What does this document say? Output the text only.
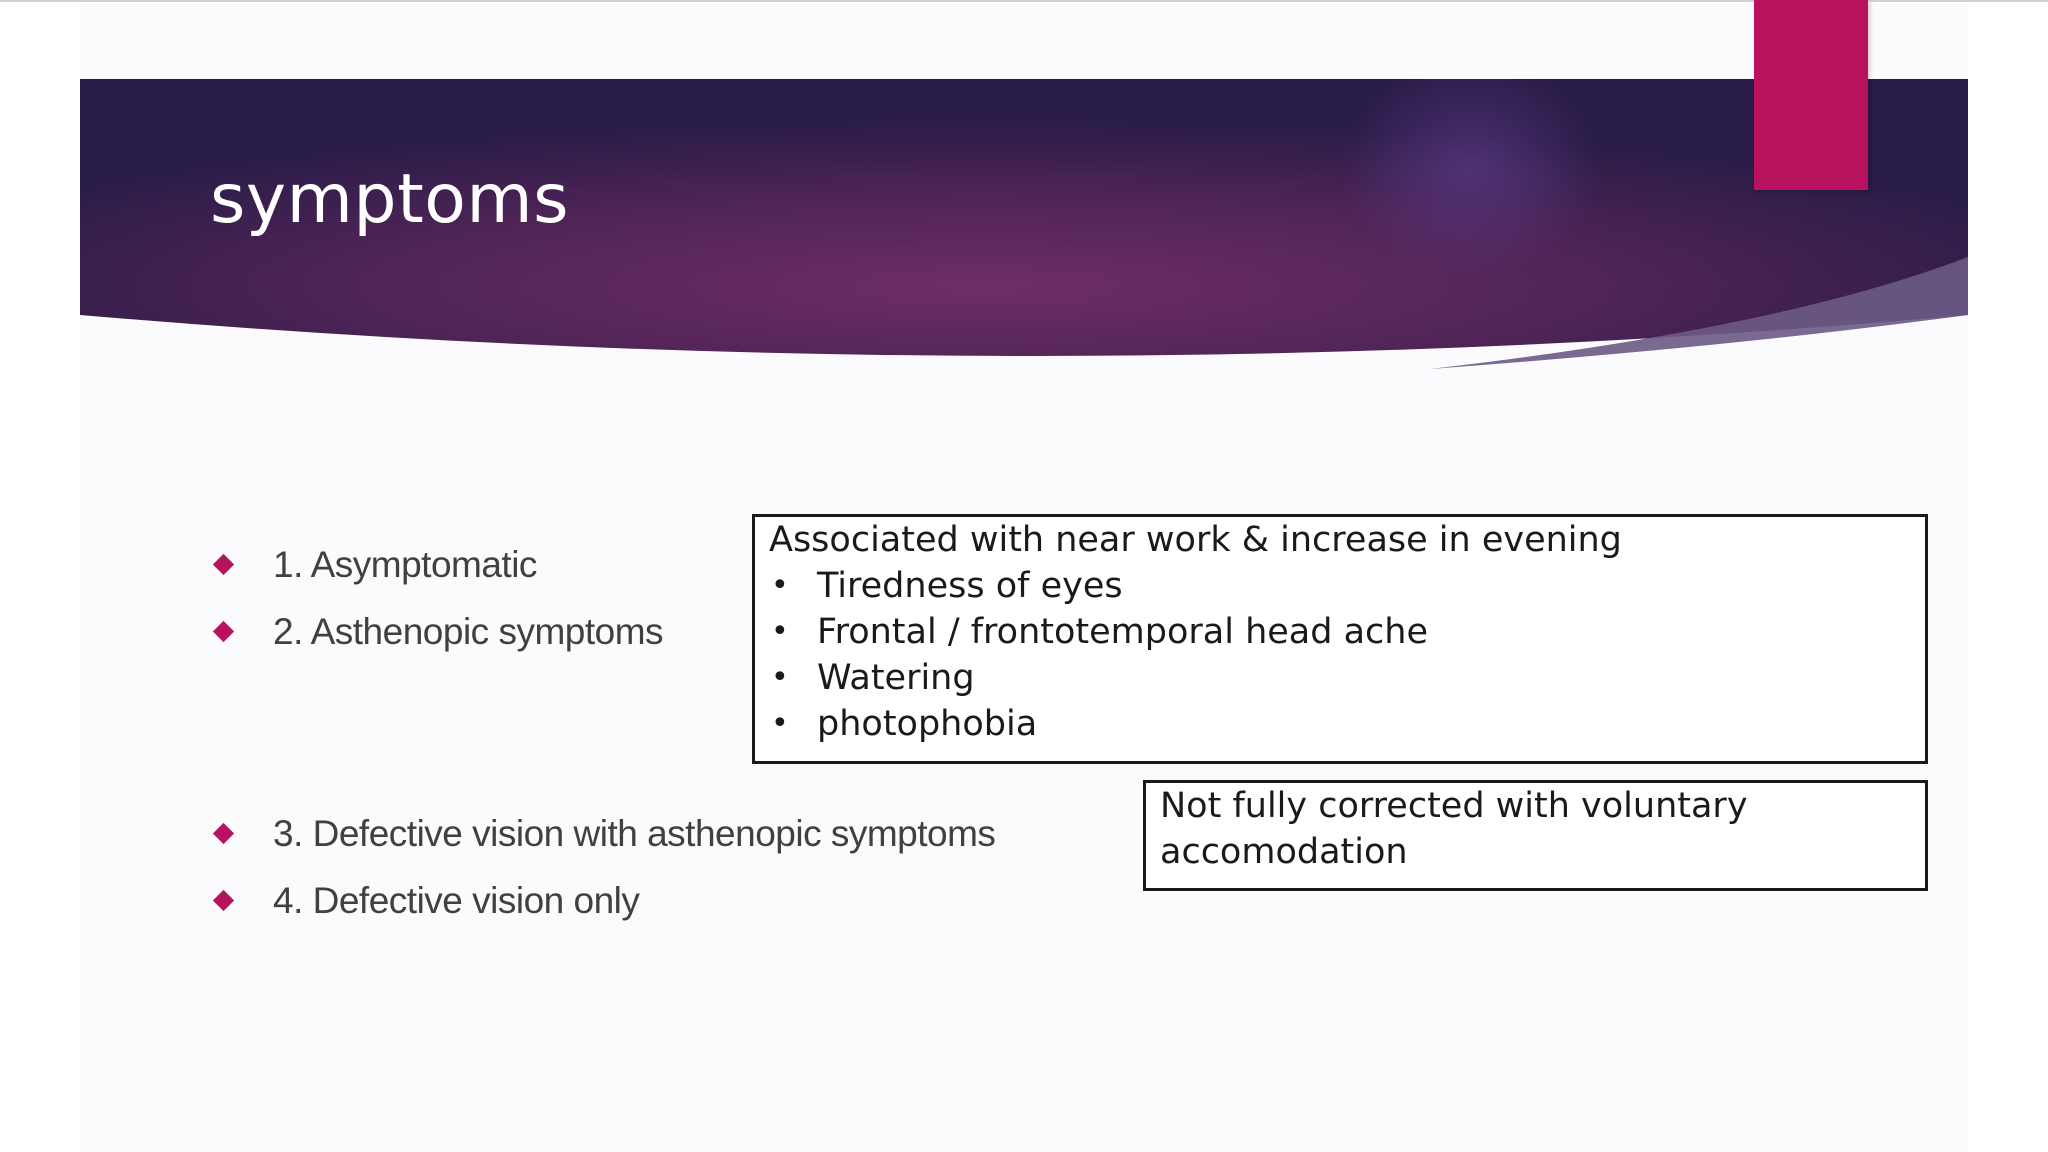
symptoms
1. Asymptomatic
2. Asthenopic symptoms
3. Defective vision with asthenopic symptoms
4. Defective vision only
Associated with near work & increase in evening
• Tiredness of eyes
• Frontal / frontotemporal head ache
• Watering
• photophobia
Not fully corrected with voluntary accomodation
